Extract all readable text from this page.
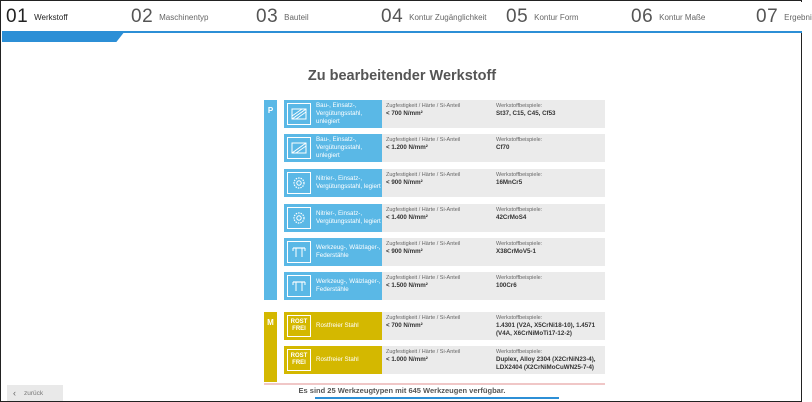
01 Werkstoff	02 Maschinentyp	03 Bauteil	04 Kontur Zugänglichkeit 05 Kontur Form	06 Kontur Maße	07 Ergebni
Zu bearbeitender Werkstoff
P
M
Bau-, Einsatz-, Vergütungsstahl, unlegiert
Zugfestigkeit / Härte / Si-Anteil
< 700 N/mm²
Werkstoffbeispiele:
St37, C15, C45, Cf53
Bau-, Einsatz-, Vergütungsstahl, unlegiert
Zugfestigkeit / Härte / Si-Anteil
< 1.200 N/mm²
Werkstoffbeispiele:
Cf70
Nitrier-, Einsatz-, Vergütungsstahl, legiert
Zugfestigkeit / Härte / Si-Anteil
< 900 N/mm²
Werkstoffbeispiele:
16MnCr5
Nitrier-, Einsatz-, Vergütungsstahl, legiert
Zugfestigkeit / Härte / Si-Anteil
< 1.400 N/mm²
Werkstoffbeispiele:
42CrMoS4
Werkzeug-, Wälzlager-, Federstähle
Zugfestigkeit / Härte / Si-Anteil
< 900 N/mm²
Werkstoffbeispiele:
X38CrMoV5-1
Werkzeug-, Wälzlager-, Federstähle
Zugfestigkeit / Härte / Si-Anteil
< 1.500 N/mm²
Werkstoffbeispiele:
100Cr6
ROST
FREI Rostfreier Stahl
Zugfestigkeit / Härte / Si-Anteil
< 700 N/mm²
Werkstoffbeispiele:
1.4301 (V2A, X5CrNi18-10), 1.4571 (V4A, X6CrNiMoTi17-12-2)
ROST
FREI Rostfreier Stahl
Zugfestigkeit / Härte / Si-Anteil
< 1.000 N/mm²
Werkstoffbeispiele:
Duplex, Alloy 2304 (X2CrNiN23-4), LDX2404 (X2CrNiMoCuWN25-7-4)
‹ zurück	Es sind 25 Werkzeugtypen mit 645 Werkzeugen verfügbar.
